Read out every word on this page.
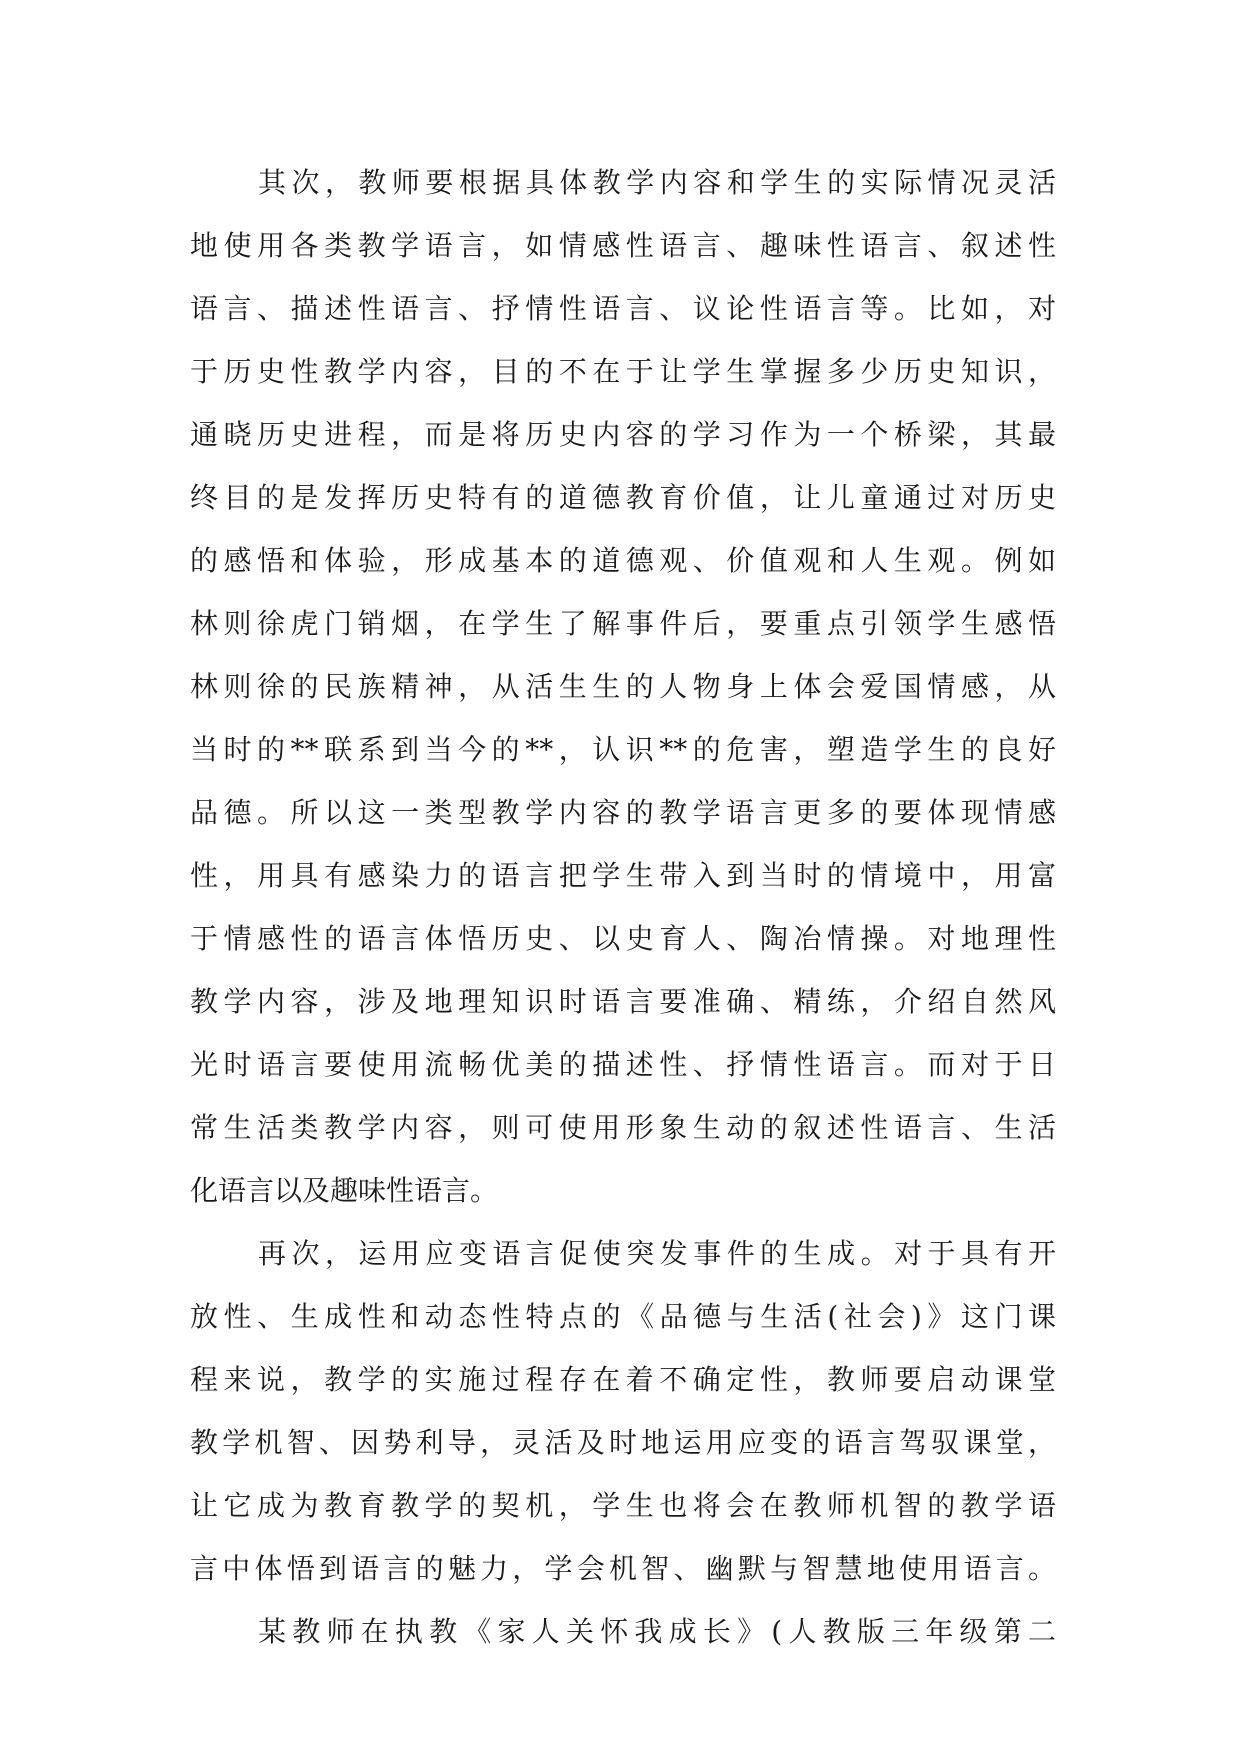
其次，教师要根据具体教学内容和学生的实际情况灵活
地使用各类教学语言，如情感性语言、趣味性语言、叙述性
语言、描述性语言、抒情性语言、议论性语言等。比如，对
于历史性教学内容，目的不在于让学生掌握多少历史知识，
通晓历史进程，而是将历史内容的学习作为一个桥梁，其最
终目的是发挥历史特有的道德教育价值，让儿童通过对历史
的感悟和体验，形成基本的道德观、价值观和人生观。例如
林则徐虎门销烟，在学生了解事件后，要重点引领学生感悟
林则徐的民族精神，从活生生的人物身上体会爱国情感，从
当时的**联系到当今的**，认识**的危害，塑造学生的良好
品德。所以这一类型教学内容的教学语言更多的要体现情感
性，用具有感染力的语言把学生带入到当时的情境中，用富
于情感性的语言体悟历史、以史育人、陶冶情操。对地理性
教学内容，涉及地理知识时语言要准确、精练，介绍自然风
光时语言要使用流畅优美的描述性、抒情性语言。而对于日
常生活类教学内容，则可使用形象生动的叙述性语言、生活
化语言以及趣味性语言。
再次，运用应变语言促使突发事件的生成。对于具有开
放性、生成性和动态性特点的《品德与生活(社会)》这门课
程来说，教学的实施过程存在着不确定性，教师要启动课堂
教学机智、因势利导，灵活及时地运用应变的语言驾驭课堂，
让它成为教育教学的契机，学生也将会在教师机智的教学语
言中体悟到语言的魅力，学会机智、幽默与智慧地使用语言。
某教师在执教《家人关怀我成长》(人教版三年级第二
